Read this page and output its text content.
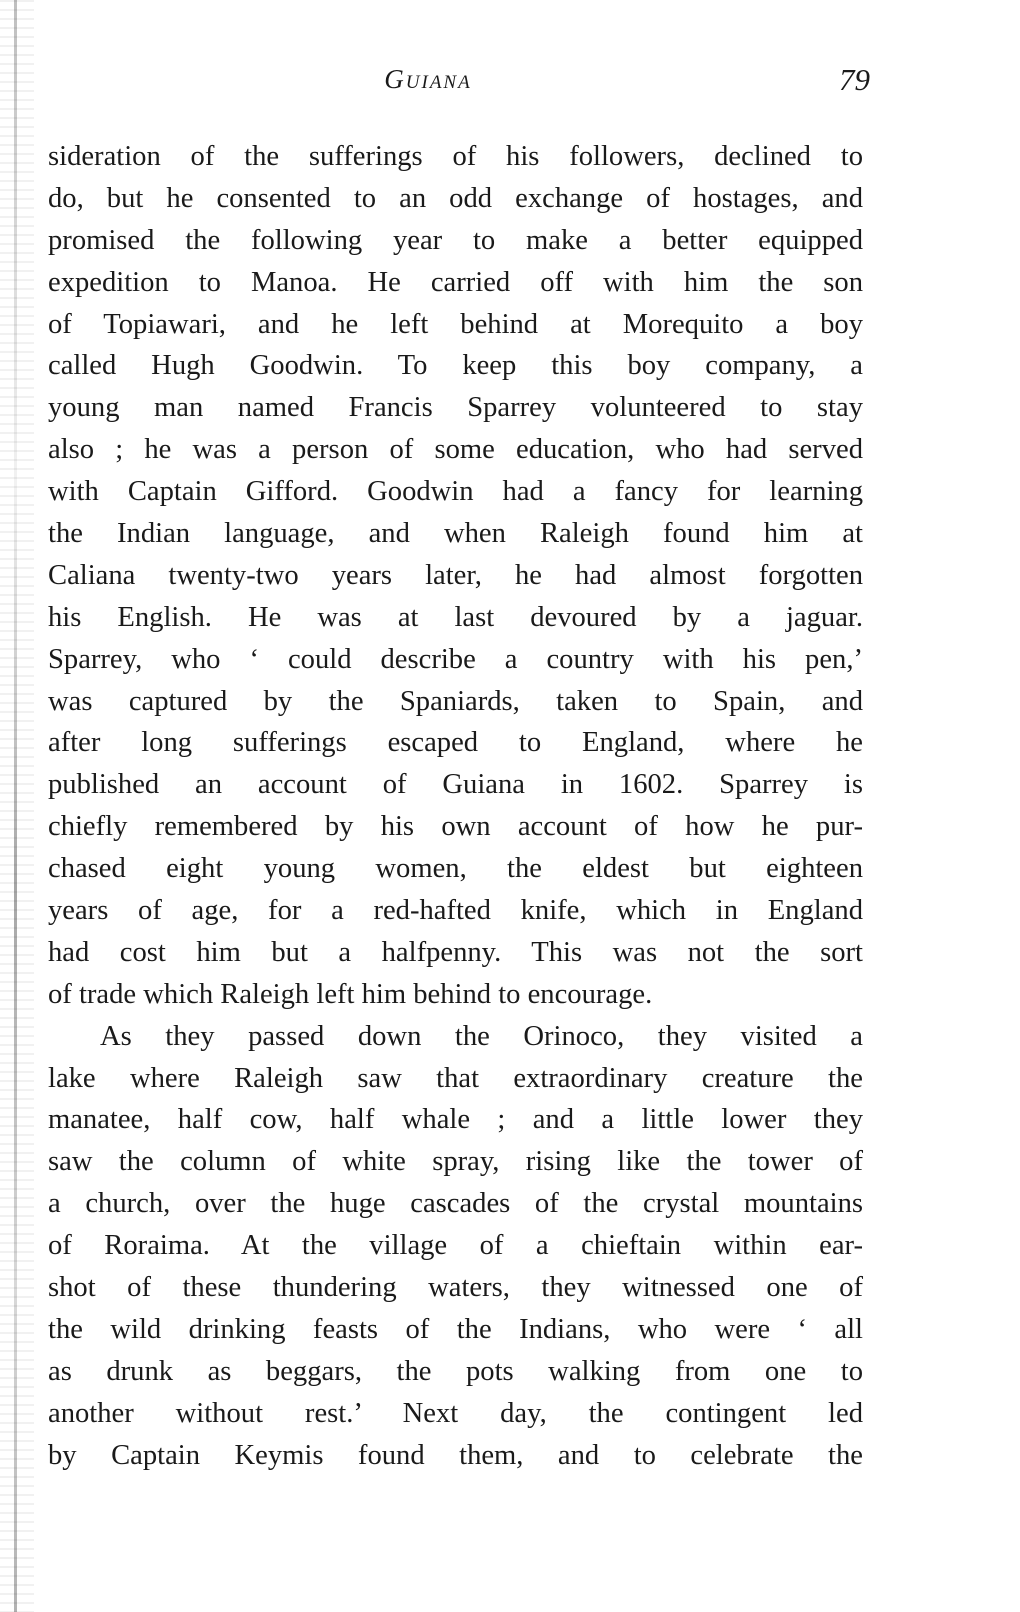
Guiana	79
sideration of the sufferings of his followers, declined to
do, but he consented to an odd exchange of hostages, and
promised the following year to make a better equipped
expedition to Manoa. He carried off with him the son
of Topiawari, and he left behind at Morequito a boy
called Hugh Goodwin. To keep this boy company, a
young man named Francis Sparrey volunteered to stay
also ; he was a person of some education, who had served
with Captain Gifford. Goodwin had a fancy for learning
the Indian language, and when Raleigh found him at
Caliana twenty-two years later, he had almost forgotten
his English. He was at last devoured by a jaguar.
Sparrey, who ‘ could describe a country with his pen,’
was captured by the Spaniards, taken to Spain, and
after long sufferings escaped to England, where he
published an account of Guiana in 1602. Sparrey is
chiefly remembered by his own account of how he pur-
chased eight young women, the eldest but eighteen
years of age, for a red-hafted knife, which in England
had cost him but a halfpenny. This was not the sort
of trade which Raleigh left him behind to encourage.
As they passed down the Orinoco, they visited a
lake where Raleigh saw that extraordinary creature the
manatee, half cow, half whale ; and a little lower they
saw the column of white spray, rising like the tower of
a church, over the huge cascades of the crystal mountains
of Roraima. At the village of a chieftain within ear-
shot of these thundering waters, they witnessed one of
the wild drinking feasts of the Indians, who were ‘ all
as drunk as beggars, the pots walking from one to
another without rest.’ Next day, the contingent led
by Captain Keymis found them, and to celebrate the
